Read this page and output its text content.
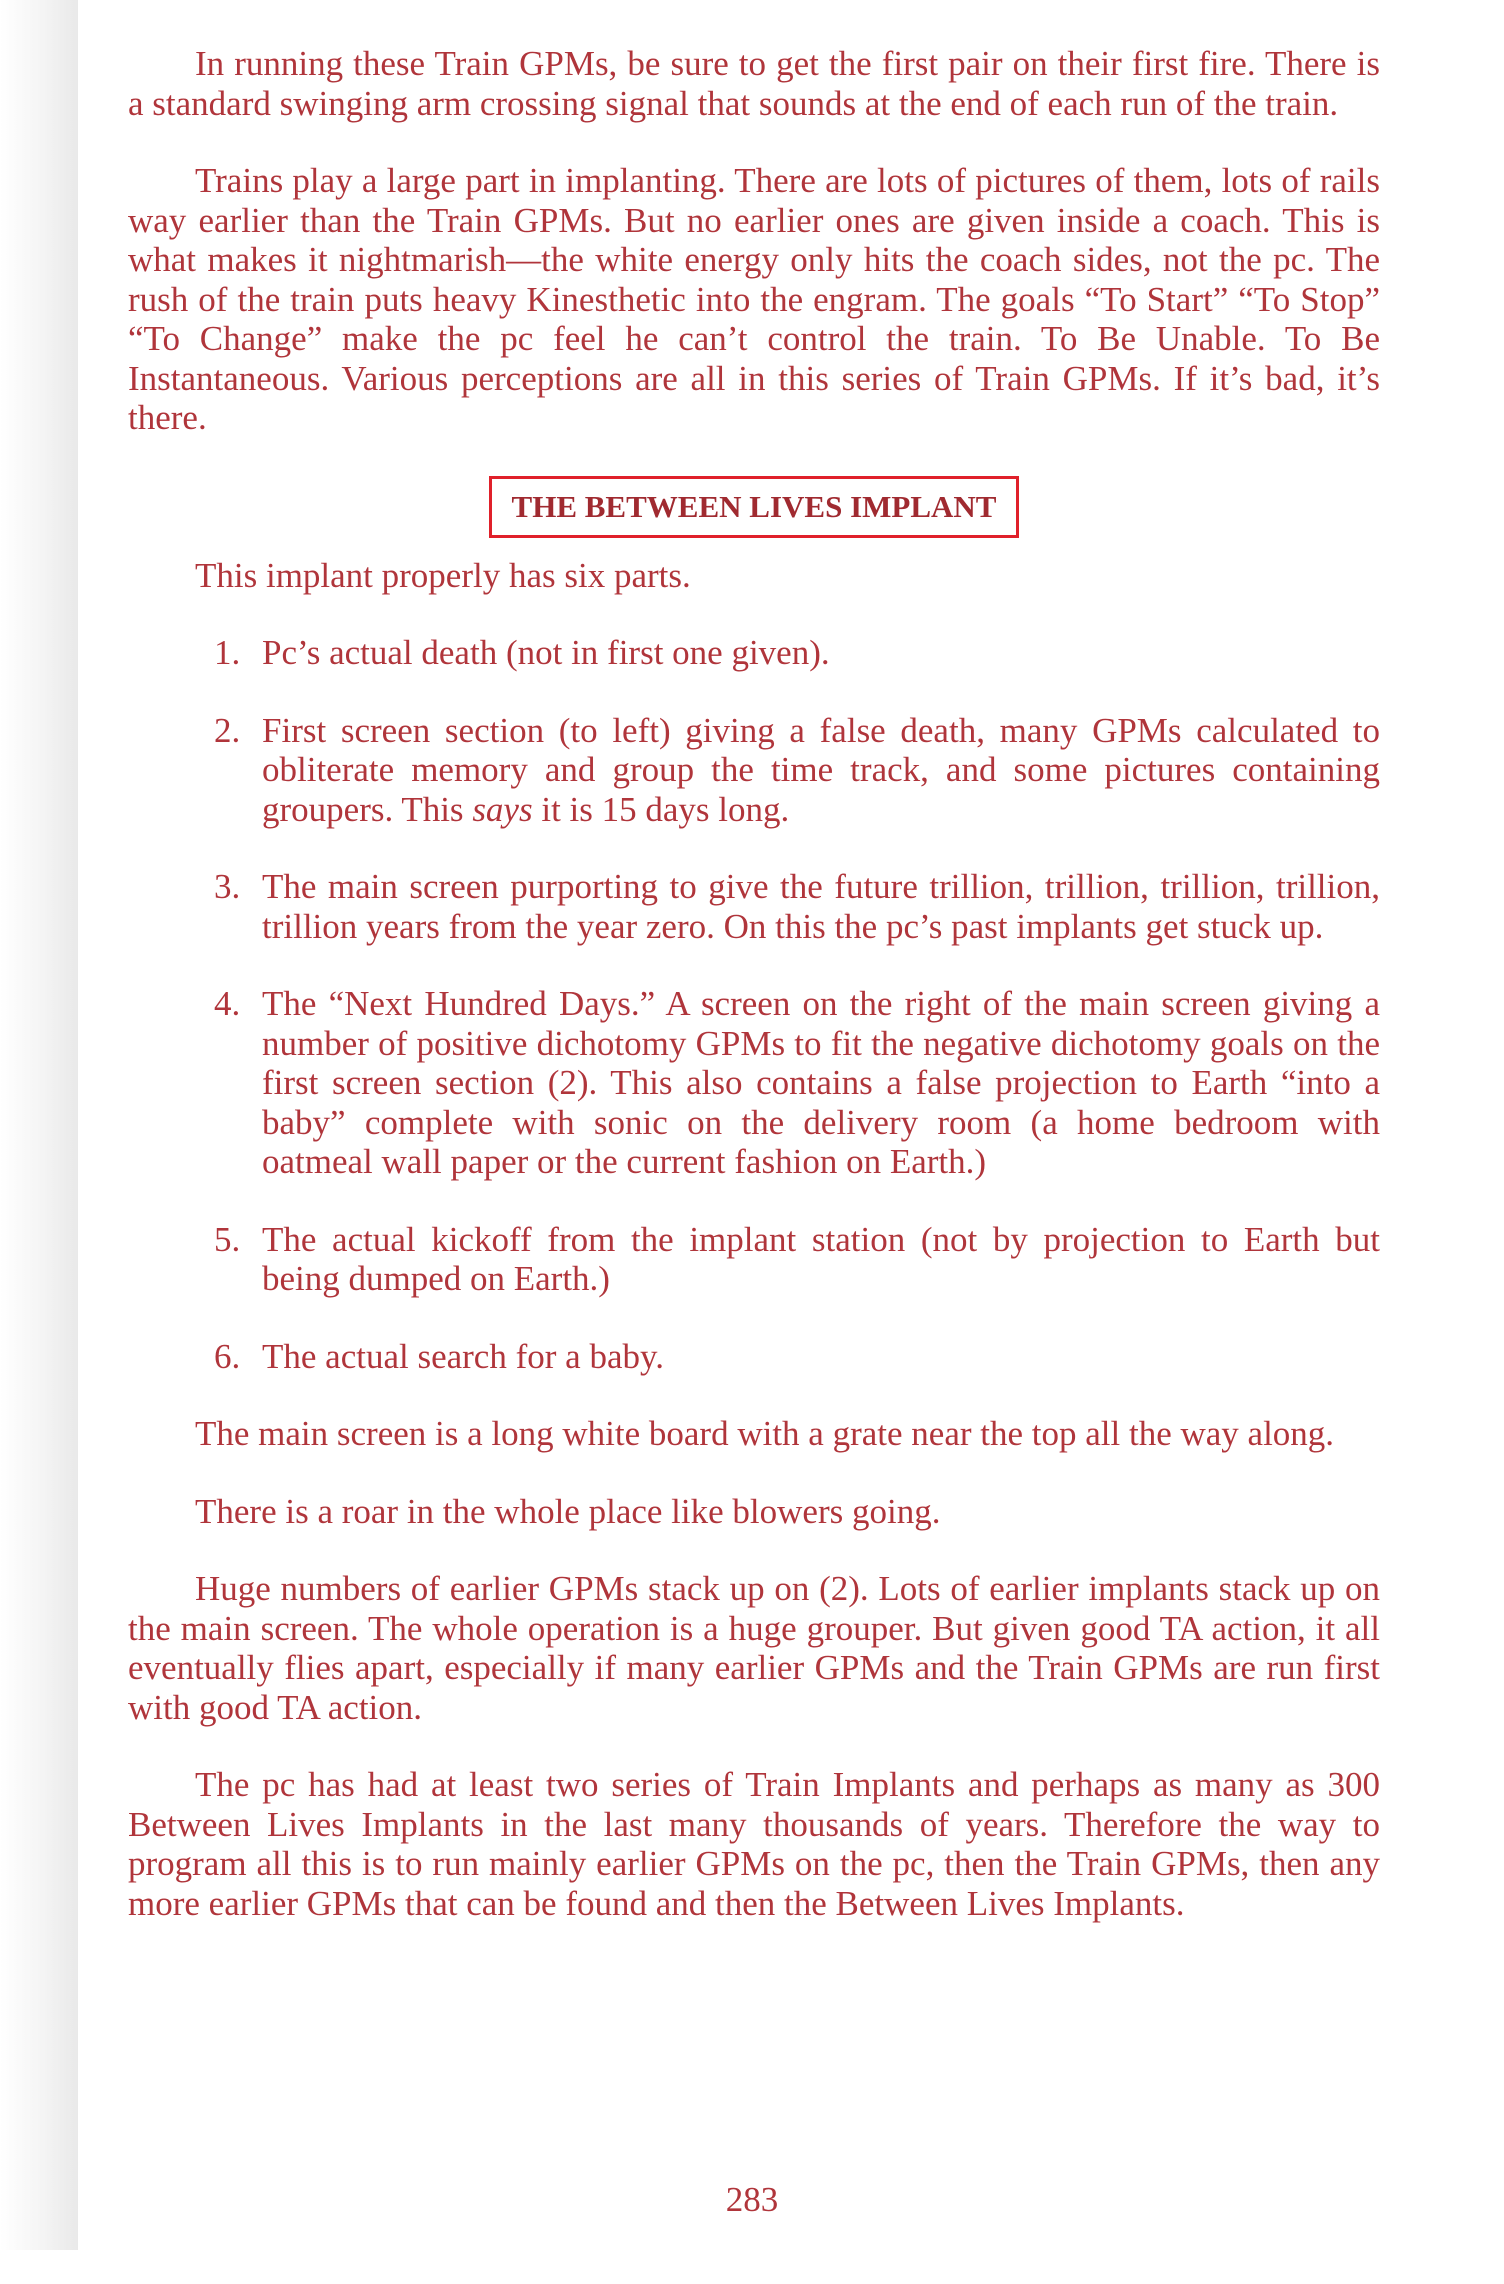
In running these Train GPMs, be sure to get the first pair on their first fire. There is a standard swinging arm crossing signal that sounds at the end of each run of the train.

Trains play a large part in implanting. There are lots of pictures of them, lots of rails way earlier than the Train GPMs. But no earlier ones are given inside a coach. This is what makes it nightmarish—the white energy only hits the coach sides, not the pc. The rush of the train puts heavy Kinesthetic into the engram. The goals “To Start” “To Stop” “To Change” make the pc feel he can’t control the train. To Be Unable. To Be Instantaneous. Various perceptions are all in this series of Train GPMs. If it’s bad, it’s there.

THE BETWEEN LIVES IMPLANT

This implant properly has six parts.

1. Pc’s actual death (not in first one given).
2. First screen section (to left) giving a false death, many GPMs calculated to obliterate memory and group the time track, and some pictures containing groupers. This says it is 15 days long.
3. The main screen purporting to give the future trillion, trillion, trillion, trillion, trillion years from the year zero. On this the pc’s past implants get stuck up.
4. The “Next Hundred Days.” A screen on the right of the main screen giving a number of positive dichotomy GPMs to fit the negative dichotomy goals on the first screen section (2). This also contains a false projection to Earth “into a baby” complete with sonic on the delivery room (a home bedroom with oatmeal wall paper or the current fashion on Earth.)
5. The actual kickoff from the implant station (not by projection to Earth but being dumped on Earth.)
6. The actual search for a baby.

The main screen is a long white board with a grate near the top all the way along.

There is a roar in the whole place like blowers going.

Huge numbers of earlier GPMs stack up on (2). Lots of earlier implants stack up on the main screen. The whole operation is a huge grouper. But given good TA action, it all eventually flies apart, especially if many earlier GPMs and the Train GPMs are run first with good TA action.

The pc has had at least two series of Train Implants and perhaps as many as 300 Between Lives Implants in the last many thousands of years. Therefore the way to program all this is to run mainly earlier GPMs on the pc, then the Train GPMs, then any more earlier GPMs that can be found and then the Between Lives Implants.

283
